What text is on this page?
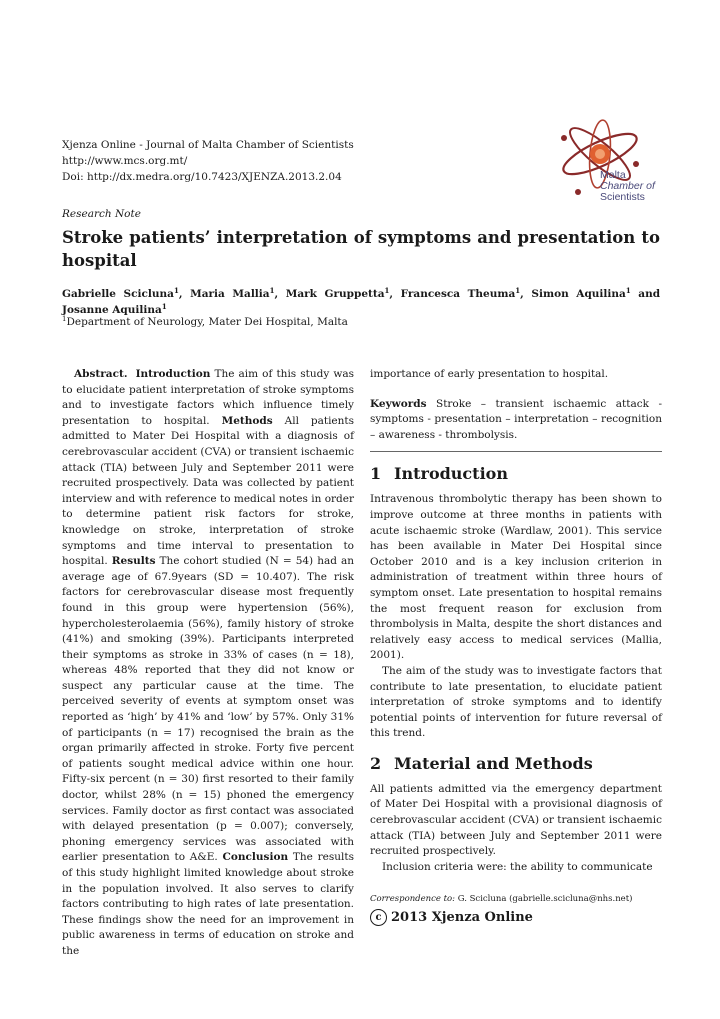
Xjenza Online - Journal of Malta Chamber of Scientists
http://www.mcs.org.mt/
Doi: http://dx.medra.org/10.7423/XJENZA.2013.2.04	Malta
Chamber of
Scientists
Research Note
Stroke patients’ interpretation of symptoms and presentation to hospital
Gabrielle Scicluna$^1$, Maria Mallia$^1$, Mark Gruppetta$^1$, Francesca Theuma$^1$, Simon Aquilina$^1$ and Josanne Aquilina$^1$
$^1$Department of Neurology, Mater Dei Hospital, Malta

Abstract. Introduction The aim of this study was to elucidate patient interpretation of stroke symptoms and to investigate factors which influence timely presentation to hospital. Methods All patients admitted to Mater Dei Hospital with a diagnosis of cerebrovascular accident (CVA) or transient ischaemic attack (TIA) between July and September 2011 were recruited prospectively. Data was collected by patient interview and with reference to medical notes in order to determine patient risk factors for stroke, knowledge on stroke, interpretation of stroke symptoms and time interval to presentation to hospital. Results The cohort studied (N = 54) had an average age of 67.9years (SD = 10.407). The risk factors for cerebrovascular disease most frequently found in this group were hypertension (56%), hypercholesterolaemia (56%), family history of stroke (41%) and smoking (39%). Participants interpreted their symptoms as stroke in 33% of cases (n = 18), whereas 48% reported that they did not know or suspect any particular cause at the time. The perceived severity of events at symptom onset was reported as ‘high’ by 41% and ‘low’ by 57%. Only 31% of participants (n = 17) recognised the brain as the organ primarily affected in stroke. Forty five percent of patients sought medical advice within one hour. Fifty-six percent (n = 30) first resorted to their family doctor, whilst 28% (n = 15) phoned the emergency services. Family doctor as first contact was associated with delayed presentation (p = 0.007); conversely, phoning emergency services was associated with earlier presentation to A&E. Conclusion The results of this study highlight limited knowledge about stroke in the population involved. It also serves to clarify factors contributing to high rates of late presentation. These findings show the need for an improvement in public awareness in terms of education on stroke and the

importance of early presentation to hospital.

Keywords Stroke – transient ischaemic attack - symptoms - presentation – interpretation – recognition – awareness - thrombolysis.

1 Introduction

Intravenous thrombolytic therapy has been shown to improve outcome at three months in patients with acute ischaemic stroke (Wardlaw, 2001). This service has been available in Mater Dei Hospital since October 2010 and is a key inclusion criterion in administration of treatment within three hours of symptom onset. Late presentation to hospital remains the most frequent reason for exclusion from thrombolysis in Malta, despite the short distances and relatively easy access to medical services (Mallia, 2001).

The aim of the study was to investigate factors that contribute to late presentation, to elucidate patient interpretation of stroke symptoms and to identify potential points of intervention for future reversal of this trend.

2 Material and Methods

All patients admitted via the emergency department of Mater Dei Hospital with a provisional diagnosis of cerebrovascular accident (CVA) or transient ischaemic attack (TIA) between July and September 2011 were recruited prospectively.

Inclusion criteria were: the ability to communicate

Correspondence to: G. Scicluna (gabrielle.scicluna@nhs.net)
c 2013 Xjenza Online
